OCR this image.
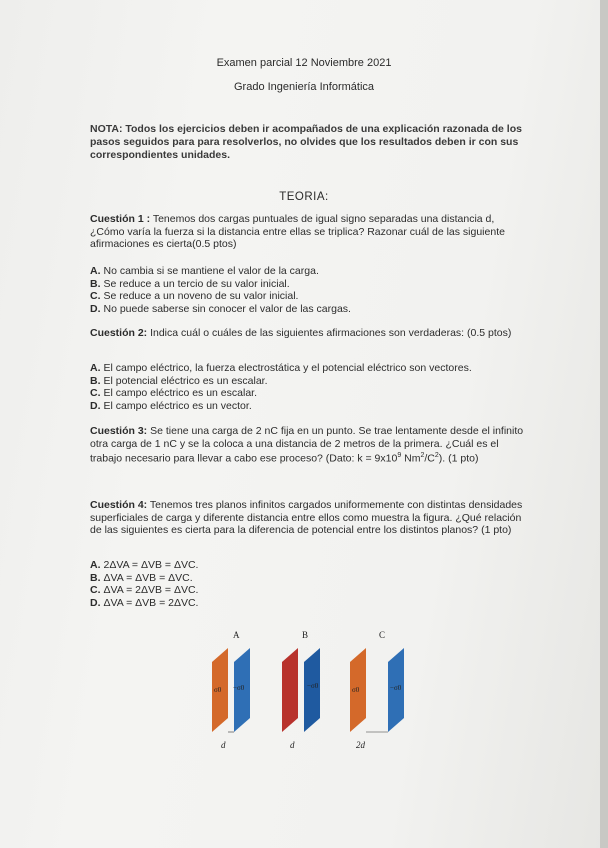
Examen parcial 12 Noviembre 2021
Grado Ingeniería Informática
NOTA: Todos los ejercicios deben ir acompañados de una explicación razonada de los pasos seguidos para para resolverlos, no olvides que los resultados deben ir con sus correspondientes unidades.
TEORIA:
Cuestión 1 : Tenemos dos cargas puntuales de igual signo separadas una distancia d, ¿Cómo varía la fuerza si la distancia entre ellas se triplica? Razonar cuál de las siguiente afirmaciones es cierta(0.5 ptos)
A. No cambia si se mantiene el valor de la carga.
B. Se reduce a un tercio de su valor inicial.
C. Se reduce a un noveno de su valor inicial.
D. No puede saberse sin conocer el valor de las cargas.
Cuestión 2: Indica cuál o cuáles de las siguientes afirmaciones son verdaderas: (0.5 ptos)
A. El campo eléctrico, la fuerza electrostática y el potencial eléctrico son vectores.
B. El potencial eléctrico es un escalar.
C. El campo eléctrico es un escalar.
D. El campo eléctrico es un vector.
Cuestión 3: Se tiene una carga de 2 nC fija en un punto. Se trae lentamente desde el infinito otra carga de 1 nC y se la coloca a una distancia de 2 metros de la primera. ¿Cuál es el trabajo necesario para llevar a cabo ese proceso? (Dato: $k = 9x10^9$ $Nm^2/C^2$). (1 pto)
Cuestión 4: Tenemos tres planos infinitos cargados uniformemente con distintas densidades superficiales de carga y diferente distancia entre ellos como muestra la figura. ¿Qué relación de las siguientes es cierta para la diferencia de potencial entre los distintos planos? (1 pto)
A. 2ΔVA = ΔVB = ΔVC.
B. ΔVA = ΔVB = ΔVC.
C. ΔVA = 2ΔVB = ΔVC.
D. ΔVA = ΔVB = 2ΔVC.
A	B	C
σ0 −σ0	−σ0	σ0	−σ0
d	d	2d
